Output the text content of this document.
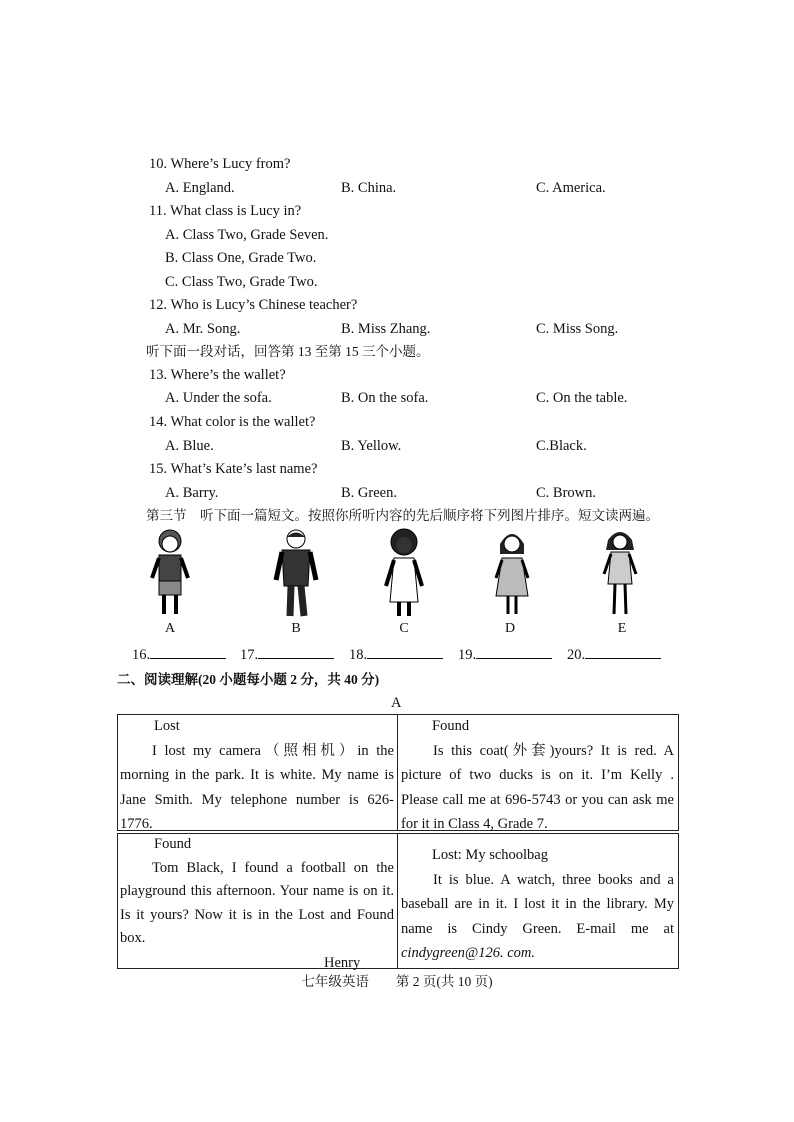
10. Where’s Lucy from?
A. England.	B. China.	C. America.
11. What class is Lucy in?
A. Class Two, Grade Seven.
B. Class One, Grade Two.
C. Class Two, Grade Two.
12. Who is Lucy’s Chinese teacher?
A. Mr. Song.	B. Miss Zhang.	C. Miss Song.
听下面一段对话，回答第 13 至第 15 三个小题。
13. Where’s the wallet?
A. Under the sofa.	B. On the sofa.	C. On the table.
14. What color is the wallet?
A. Blue.	B. Yellow.	C.Black.
15. What’s Kate’s last name?
A. Barry.	B. Green.	C. Brown.
第三节　听下面一篇短文。按照你所听内容的先后顺序将下列图片排序。短文读两遍。
A	B	C	D	E
16.	17.	18.	19.	20.
二、阅读理解(20 小题每小题 2 分，共 40 分)
A

Lost

I lost my camera（照相机）in the morning in the park. It is white. My name is Jane Smith. My telephone number is 626-1776.

Found

Is this coat(外套)yours? It is red. A picture of two ducks is on it. I’m Kelly . Please call me at 696-5743 or you can ask me for it in Class 4, Grade 7.

Found

Tom Black, I found a football on the playground this afternoon. Your name is on it. Is it yours? Now it is in the Lost and Found box.

Henry

Lost: My schoolbag

It is blue. A watch, three books and a baseball are in it. I lost it in the library. My name is Cindy Green. E-mail me at cindygreen@126. com.

七年级英语　　第 2 页(共 10 页)
